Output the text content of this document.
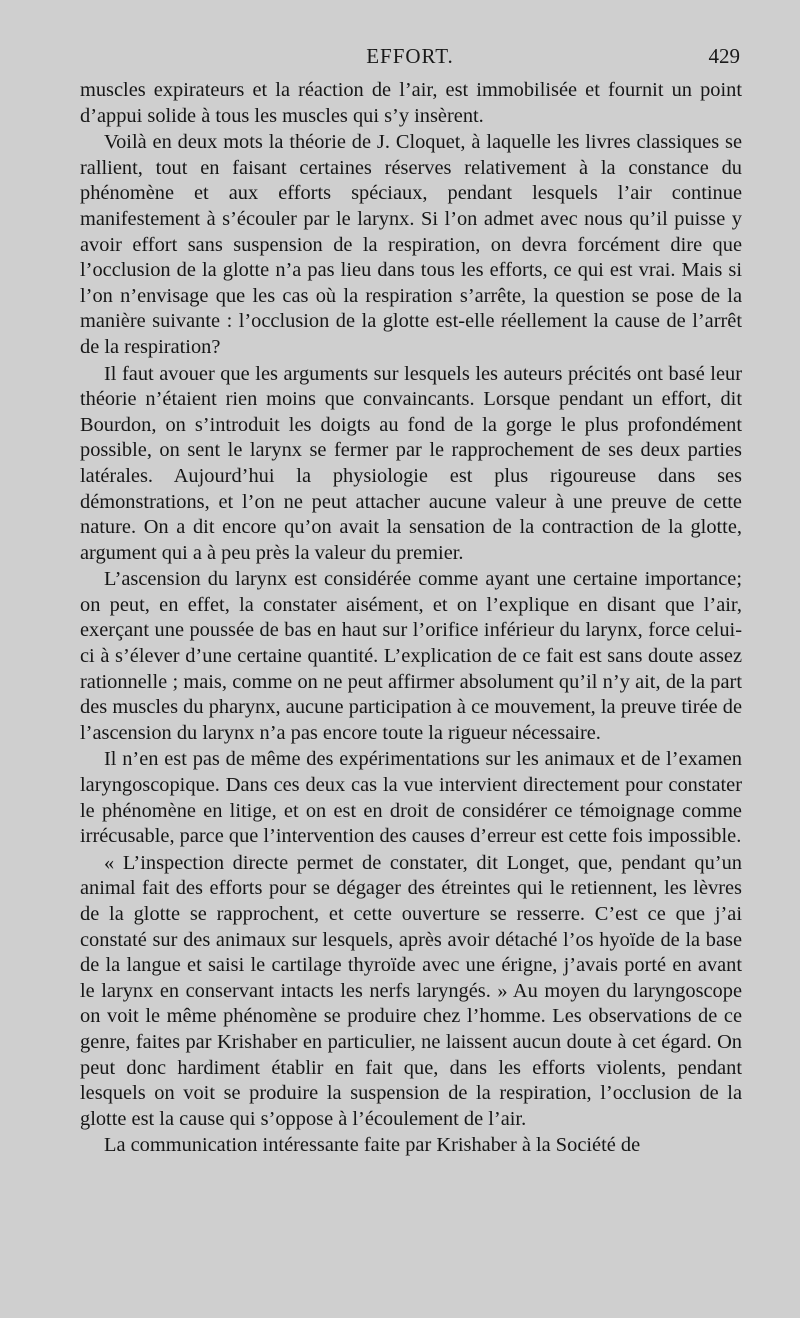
EFFORT.	429

muscles expirateurs et la réaction de l’air, est immobilisée et fournit un point d’appui solide à tous les muscles qui s’y insèrent.

Voilà en deux mots la théorie de J. Cloquet, à laquelle les livres classiques se rallient, tout en faisant certaines réserves relativement à la constance du phénomène et aux efforts spéciaux, pendant lesquels l’air continue manifestement à s’écouler par le larynx. Si l’on admet avec nous qu’il puisse y avoir effort sans suspension de la respiration, on devra forcément dire que l’occlusion de la glotte n’a pas lieu dans tous les efforts, ce qui est vrai. Mais si l’on n’envisage que les cas où la respiration s’arrête, la question se pose de la manière suivante : l’occlusion de la glotte est-elle réellement la cause de l’arrêt de la respiration?

Il faut avouer que les arguments sur lesquels les auteurs précités ont basé leur théorie n’étaient rien moins que convaincants. Lorsque pendant un effort, dit Bourdon, on s’introduit les doigts au fond de la gorge le plus profondément possible, on sent le larynx se fermer par le rapprochement de ses deux parties latérales. Aujourd’hui la physiologie est plus rigoureuse dans ses démonstrations, et l’on ne peut attacher aucune valeur à une preuve de cette nature. On a dit encore qu’on avait la sensation de la contraction de la glotte, argument qui a à peu près la valeur du premier.

L’ascension du larynx est considérée comme ayant une certaine importance; on peut, en effet, la constater aisément, et on l’explique en disant que l’air, exerçant une poussée de bas en haut sur l’orifice inférieur du larynx, force celui-ci à s’élever d’une certaine quantité. L’explication de ce fait est sans doute assez rationnelle ; mais, comme on ne peut affirmer absolument qu’il n’y ait, de la part des muscles du pharynx, aucune participation à ce mouvement, la preuve tirée de l’ascension du larynx n’a pas encore toute la rigueur nécessaire.

Il n’en est pas de même des expérimentations sur les animaux et de l’examen laryngoscopique. Dans ces deux cas la vue intervient directement pour constater le phénomène en litige, et on est en droit de considérer ce témoignage comme irrécusable, parce que l’intervention des causes d’erreur est cette fois impossible.

« L’inspection directe permet de constater, dit Longet, que, pendant qu’un animal fait des efforts pour se dégager des étreintes qui le retiennent, les lèvres de la glotte se rapprochent, et cette ouverture se resserre. C’est ce que j’ai constaté sur des animaux sur lesquels, après avoir détaché l’os hyoïde de la base de la langue et saisi le cartilage thyroïde avec une érigne, j’avais porté en avant le larynx en conservant intacts les nerfs laryngés. » Au moyen du laryngoscope on voit le même phénomène se produire chez l’homme. Les observations de ce genre, faites par Krishaber en particulier, ne laissent aucun doute à cet égard. On peut donc hardiment établir en fait que, dans les efforts violents, pendant lesquels on voit se produire la suspension de la respiration, l’occlusion de la glotte est la cause qui s’oppose à l’écoulement de l’air.

La communication intéressante faite par Krishaber à la Société de
